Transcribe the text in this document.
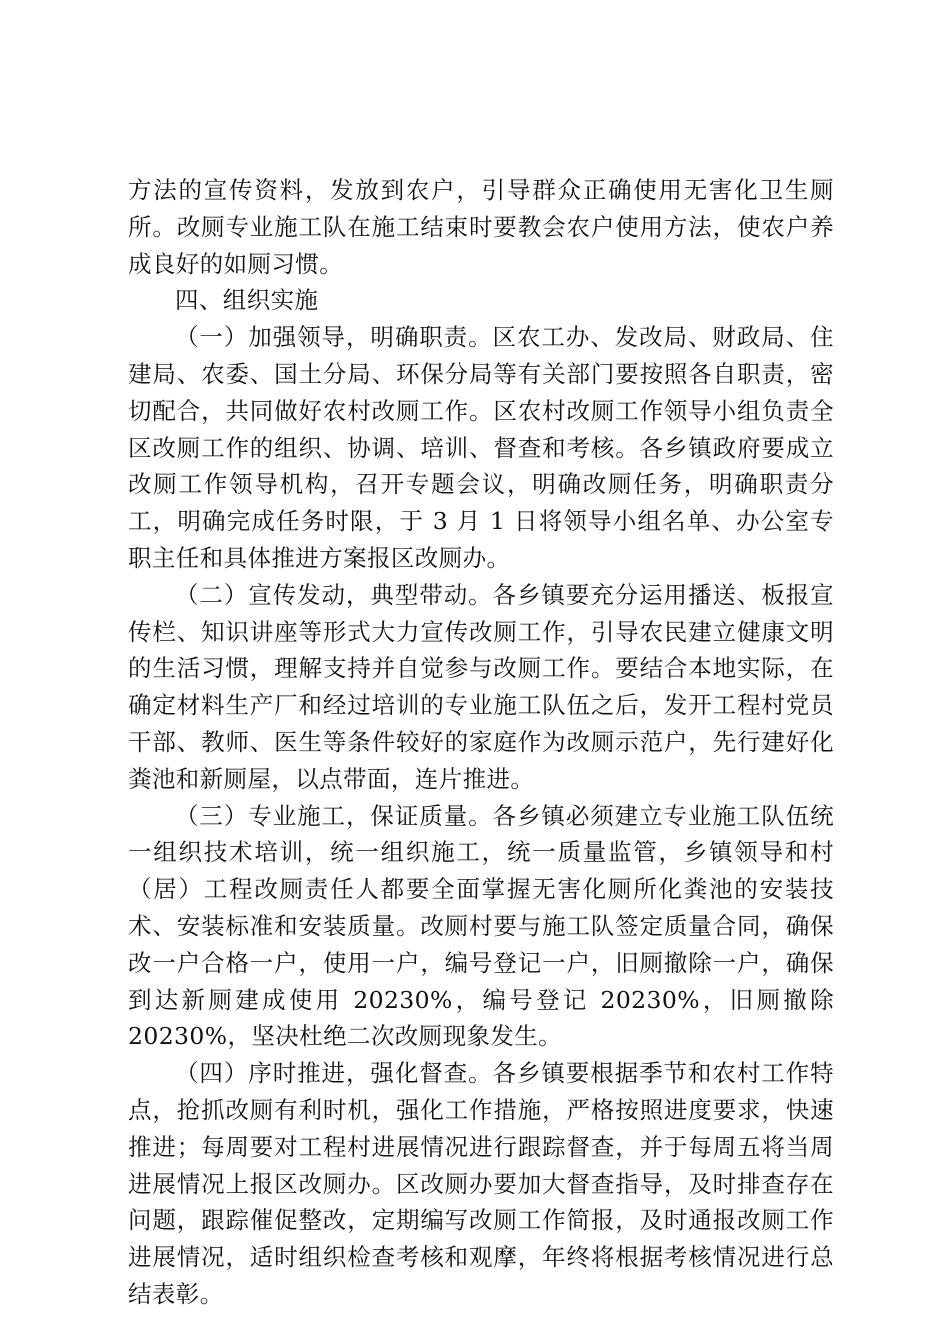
方法的宣传资料，发放到农户，引导群众正确使用无害化卫生厕所。改厕专业施工队在施工结束时要教会农户使用方法，使农户养成良好的如厕习惯。

四、组织实施

（一）加强领导，明确职责。区农工办、发改局、财政局、住建局、农委、国土分局、环保分局等有关部门要按照各自职责，密切配合，共同做好农村改厕工作。区农村改厕工作领导小组负责全区改厕工作的组织、协调、培训、督查和考核。各乡镇政府要成立改厕工作领导机构，召开专题会议，明确改厕任务，明确职责分工，明确完成任务时限，于 3 月 1 日将领导小组名单、办公室专职主任和具体推进方案报区改厕办。

（二）宣传发动，典型带动。各乡镇要充分运用播送、板报宣传栏、知识讲座等形式大力宣传改厕工作，引导农民建立健康文明的生活习惯，理解支持并自觉参与改厕工作。要结合本地实际，在确定材料生产厂和经过培训的专业施工队伍之后，发开工程村党员干部、教师、医生等条件较好的家庭作为改厕示范户，先行建好化粪池和新厕屋，以点带面，连片推进。

（三）专业施工，保证质量。各乡镇必须建立专业施工队伍统一组织技术培训，统一组织施工，统一质量监管，乡镇领导和村（居）工程改厕责任人都要全面掌握无害化厕所化粪池的安装技术、安装标准和安装质量。改厕村要与施工队签定质量合同，确保改一户合格一户，使用一户，编号登记一户，旧厕撤除一户，确保到达新厕建成使用 20230%，编号登记 20230%，旧厕撤除 20230%，坚决杜绝二次改厕现象发生。

（四）序时推进，强化督查。各乡镇要根据季节和农村工作特点，抢抓改厕有利时机，强化工作措施，严格按照进度要求，快速推进；每周要对工程村进展情况进行跟踪督查，并于每周五将当周进展情况上报区改厕办。区改厕办要加大督查指导，及时排查存在问题，跟踪催促整改，定期编写改厕工作简报，及时通报改厕工作进展情况，适时组织检查考核和观摩，年终将根据考核情况进行总结表彰。
